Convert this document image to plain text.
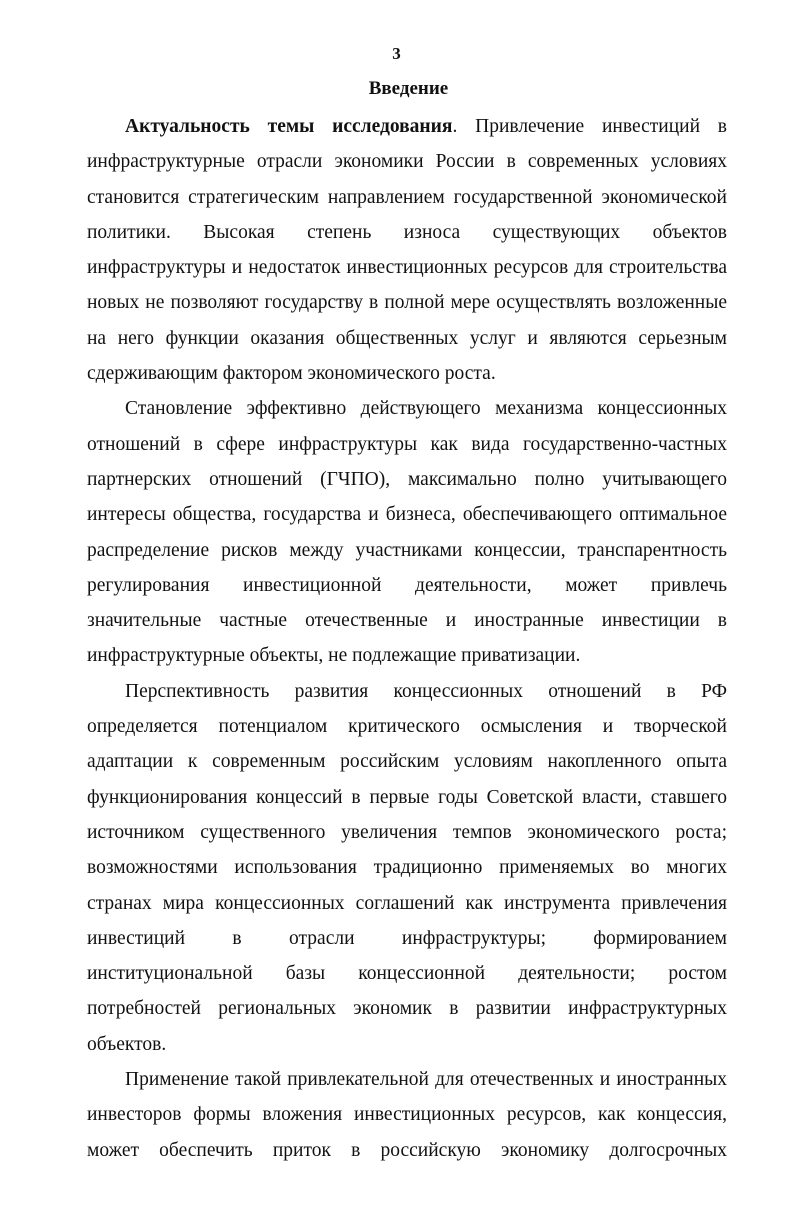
3
Введение

Актуальность темы исследования. Привлечение инвестиций в инфраструктурные отрасли экономики России в современных условиях становится стратегическим направлением государственной экономической политики. Высокая степень износа существующих объектов инфраструктуры и недостаток инвестиционных ресурсов для строительства новых не позволяют государству в полной мере осуществлять возложенные на него функции оказания общественных услуг и являются серьезным сдерживающим фактором экономического роста.

Становление эффективно действующего механизма концессионных отношений в сфере инфраструктуры как вида государственно-частных партнерских отношений (ГЧПО), максимально полно учитывающего интересы общества, государства и бизнеса, обеспечивающего оптимальное распределение рисков между участниками концессии, транспарентность регулирования инвестиционной деятельности, может привлечь значительные частные отечественные и иностранные инвестиции в инфраструктурные объекты, не подлежащие приватизации.

Перспективность развития концессионных отношений в РФ определяется потенциалом критического осмысления и творческой адаптации к современным российским условиям накопленного опыта функционирования концессий в первые годы Советской власти, ставшего источником существенного увеличения темпов экономического роста; возможностями использования традиционно применяемых во многих странах мира концессионных соглашений как инструмента привлечения инвестиций в отрасли инфраструктуры; формированием институциональной базы концессионной деятельности; ростом потребностей региональных экономик в развитии инфраструктурных объектов.

Применение такой привлекательной для отечественных и иностранных инвесторов формы вложения инвестиционных ресурсов, как концессия, может обеспечить приток в российскую экономику долгосрочных
